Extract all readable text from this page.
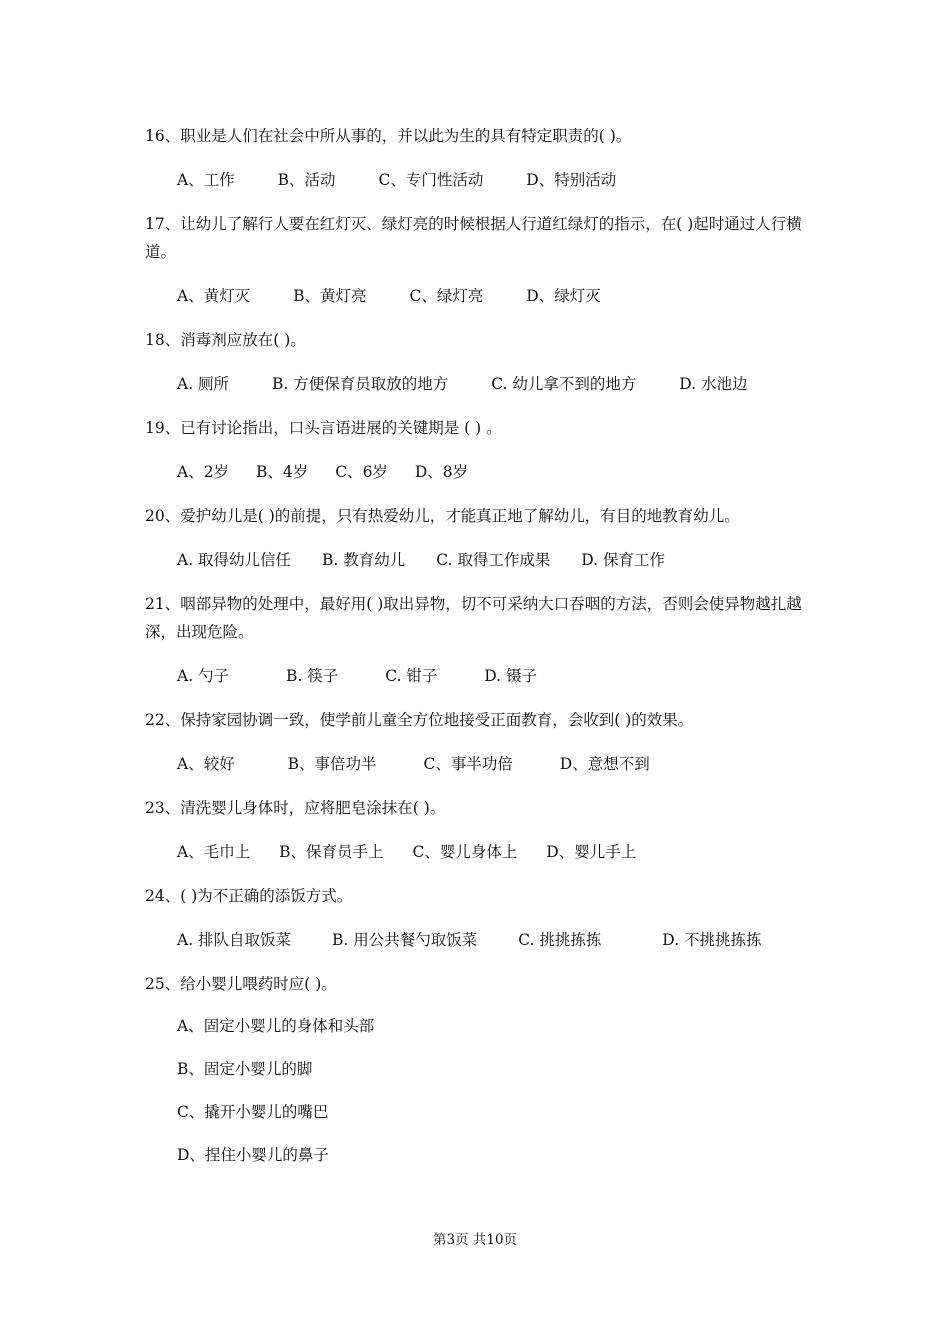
16、职业是人们在社会中所从事的，并以此为生的具有特定职责的( )。

A、工作	B、活动	C、专门性活动	D、特别活动

17、让幼儿了解行人要在红灯灭、绿灯亮的时候根据人行道红绿灯的指示，在( )起时通过人行横道。

A、黄灯灭	B、黄灯亮	C、绿灯亮	D、绿灯灭

18、消毒剂应放在( )。

A. 厕所	B. 方便保育员取放的地方	C. 幼儿拿不到的地方	D. 水池边

19、已有讨论指出，口头言语进展的关键期是 ( ) 。

A、2岁 B、4岁 C、6岁 D、8岁

20、爱护幼儿是( )的前提，只有热爱幼儿，才能真正地了解幼儿，有目的地教育幼儿。

A. 取得幼儿信任 B. 教育幼儿 C. 取得工作成果 D. 保育工作

21、咽部异物的处理中，最好用( )取出异物，切不可采纳大口吞咽的方法，否则会使异物越扎越深，出现危险。

A. 勺子	B. 筷子	C. 钳子	D. 镊子

22、保持家园协调一致，使学前儿童全方位地接受正面教育，会收到( )的效果。

A、较好	B、事倍功半	C、事半功倍	D、意想不到

23、清洗婴儿身体时，应将肥皂涂抹在( )。

A、毛巾上 B、保育员手上 C、婴儿身体上 D、婴儿手上

24、( )为不正确的添饭方式。

A. 排队自取饭菜	B. 用公共餐勺取饭菜	C. 挑挑拣拣	D. 不挑挑拣拣

25、给小婴儿喂药时应( )。

A、固定小婴儿的身体和头部
B、固定小婴儿的脚
C、撬开小婴儿的嘴巴
D、捏住小婴儿的鼻子
第3页 共10页
